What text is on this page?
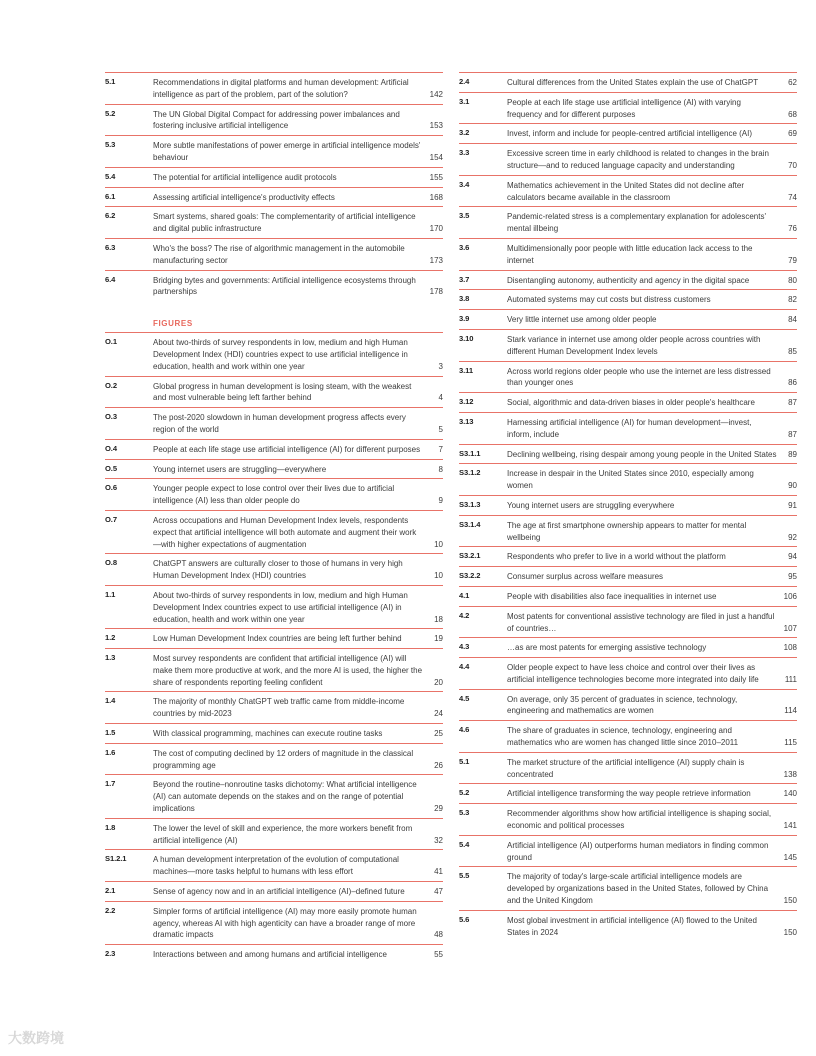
5.1	Recommendations in digital platforms and human development: Artificial intelligence as part of the problem, part of the solution?	142
5.2	The UN Global Digital Compact for addressing power imbalances and fostering inclusive artificial intelligence	153
5.3	More subtle manifestations of power emerge in artificial intelligence models' behaviour	154
5.4	The potential for artificial intelligence audit protocols	155
6.1	Assessing artificial intelligence's productivity effects	168
6.2	Smart systems, shared goals: The complementarity of artificial intelligence and digital public infrastructure	170
6.3	Who's the boss? The rise of algorithmic management in the automobile manufacturing sector	173
6.4	Bridging bytes and governments: Artificial intelligence ecosystems through partnerships	178
FIGURES
O.1	About two-thirds of survey respondents in low, medium and high Human Development Index (HDI) countries expect to use artificial intelligence in education, health and work within one year	3
O.2	Global progress in human development is losing steam, with the weakest and most vulnerable being left farther behind	4
O.3	The post-2020 slowdown in human development progress affects every region of the world	5
O.4	People at each life stage use artificial intelligence (AI) for different purposes	7
O.5	Young internet users are struggling—everywhere	8
O.6	Younger people expect to lose control over their lives due to artificial intelligence (AI) less than older people do	9
O.7	Across occupations and Human Development Index levels, respondents expect that artificial intelligence will both automate and augment their work—with higher expectations of augmentation	10
O.8	ChatGPT answers are culturally closer to those of humans in very high Human Development Index (HDI) countries	10
1.1	About two-thirds of survey respondents in low, medium and high Human Development Index countries expect to use artificial intelligence (AI) in education, health and work within one year	18
1.2	Low Human Development Index countries are being left further behind	19
1.3	Most survey respondents are confident that artificial intelligence (AI) will make them more productive at work, and the more AI is used, the higher the share of respondents reporting feeling confident	20
1.4	The majority of monthly ChatGPT web traffic came from middle-income countries by mid-2023	24
1.5	With classical programming, machines can execute routine tasks	25
1.6	The cost of computing declined by 12 orders of magnitude in the classical programming age	26
1.7	Beyond the routine–nonroutine tasks dichotomy: What artificial intelligence (AI) can automate depends on the stakes and on the range of potential implications	29
1.8	The lower the level of skill and experience, the more workers benefit from artificial intelligence (AI)	32
S1.2.1	A human development interpretation of the evolution of computational machines—more tasks helpful to humans with less effort	41
2.1	Sense of agency now and in an artificial intelligence (AI)–defined future	47
2.2	Simpler forms of artificial intelligence (AI) may more easily promote human agency, whereas AI with high agenticity can have a broader range of more dramatic impacts	48
2.3	Interactions between and among humans and artificial intelligence	55
2.4	Cultural differences from the United States explain the use of ChatGPT	62
3.1	People at each life stage use artificial intelligence (AI) with varying frequency and for different purposes	68
3.2	Invest, inform and include for people-centred artificial intelligence (AI)	69
3.3	Excessive screen time in early childhood is related to changes in the brain structure—and to reduced language capacity and understanding	70
3.4	Mathematics achievement in the United States did not decline after calculators became available in the classroom	74
3.5	Pandemic-related stress is a complementary explanation for adolescents' mental illbeing	76
3.6	Multidimensionally poor people with little education lack access to the internet	79
3.7	Disentangling autonomy, authenticity and agency in the digital space	80
3.8	Automated systems may cut costs but distress customers	82
3.9	Very little internet use among older people	84
3.10	Stark variance in internet use among older people across countries with different Human Development Index levels	85
3.11	Across world regions older people who use the internet are less distressed than younger ones	86
3.12	Social, algorithmic and data-driven biases in older people's healthcare	87
3.13	Harnessing artificial intelligence (AI) for human development—invest, inform, include	87
S3.1.1	Declining wellbeing, rising despair among young people in the United States 89
S3.1.2	Increase in despair in the United States since 2010, especially among women	90
S3.1.3	Young internet users are struggling everywhere	91
S3.1.4	The age at first smartphone ownership appears to matter for mental wellbeing	92
S3.2.1	Respondents who prefer to live in a world without the platform	94
S3.2.2	Consumer surplus across welfare measures	95
4.1	People with disabilities also face inequalities in internet use	106
4.2	Most patents for conventional assistive technology are filed in just a handful of countries…	107
4.3	…as are most patents for emerging assistive technology	108
4.4	Older people expect to have less choice and control over their lives as artificial intelligence technologies become more integrated into daily life	111
4.5	On average, only 35 percent of graduates in science, technology, engineering and mathematics are women	114
4.6	The share of graduates in science, technology, engineering and mathematics who are women has changed little since 2010–2011	115
5.1	The market structure of the artificial intelligence (AI) supply chain is concentrated	138
5.2	Artificial intelligence transforming the way people retrieve information	140
5.3	Recommender algorithms show how artificial intelligence is shaping social, economic and political processes	141
5.4	Artificial intelligence (AI) outperforms human mediators in finding common ground	145
5.5	The majority of today's large-scale artificial intelligence models are developed by organizations based in the United States, followed by China and the United Kingdom	150
5.6	Most global investment in artificial intelligence (AI) flowed to the United States in 2024	150
大数跨境
